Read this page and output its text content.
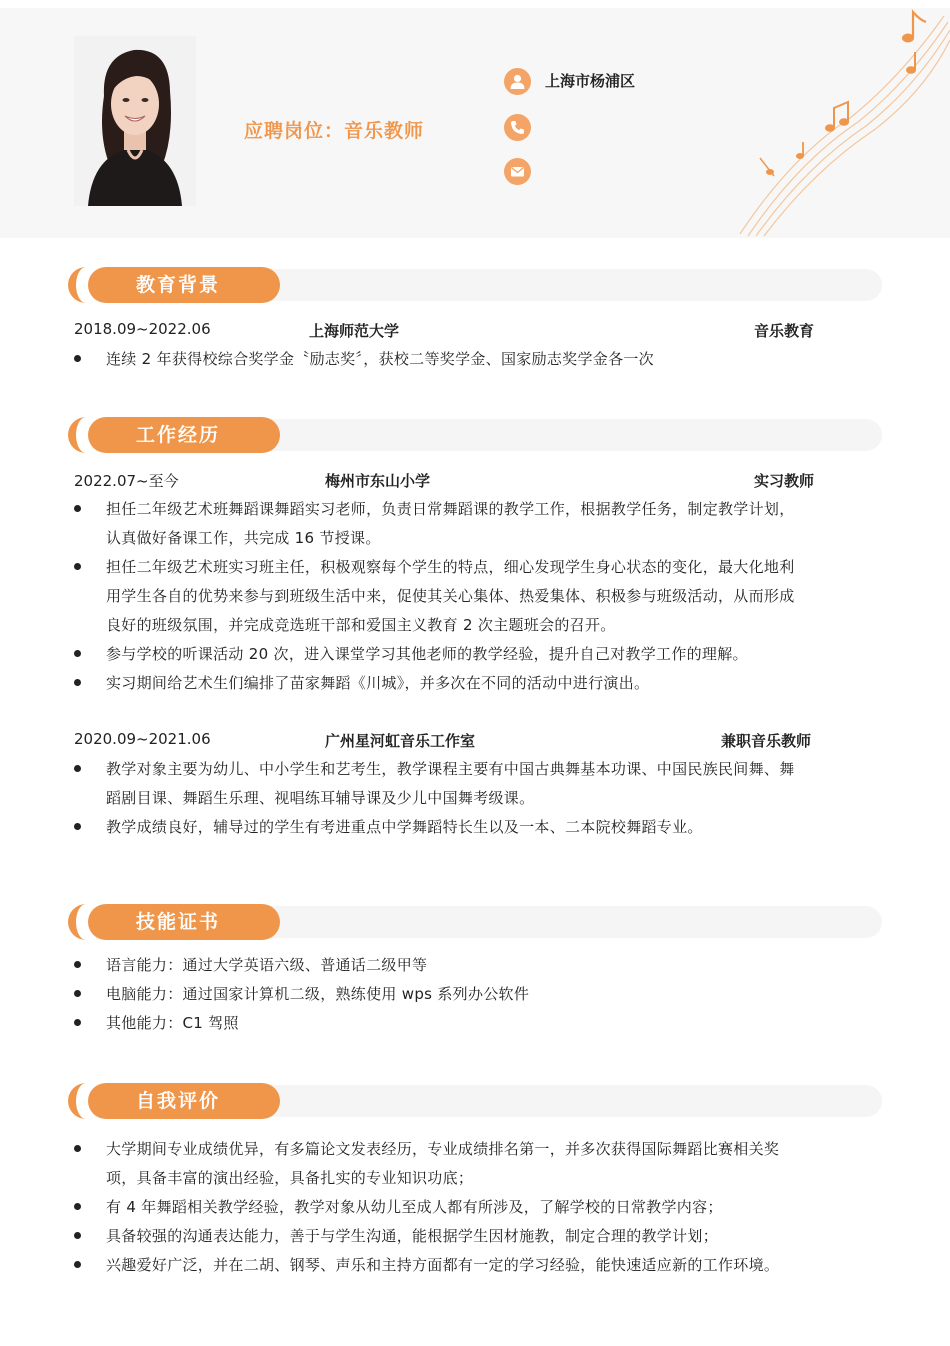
应聘岗位：音乐教师
上海市杨浦区
教育背景
2018.09~2022.06	上海师范大学	音乐教育
连续 2 年获得校综合奖学金〝励志奖〞，获校二等奖学金、国家励志奖学金各一次
工作经历
2022.07~至今	梅州市东山小学	实习教师
担任二年级艺术班舞蹈课舞蹈实习老师，负责日常舞蹈课的教学工作，根据教学任务，制定教学计划，
认真做好备课工作，共完成 16 节授课。
担任二年级艺术班实习班主任，积极观察每个学生的特点，细心发现学生身心状态的变化，最大化地利
用学生各自的优势来参与到班级生活中来，促使其关心集体、热爱集体、积极参与班级活动，从而形成
良好的班级氛围，并完成竞选班干部和爱国主义教育 2 次主题班会的召开。
参与学校的听课活动 20 次，进入课堂学习其他老师的教学经验，提升自己对教学工作的理解。
实习期间给艺术生们编排了苗家舞蹈《川城》，并多次在不同的活动中进行演出。
2020.09~2021.06	广州星河虹音乐工作室	兼职音乐教师
教学对象主要为幼儿、中小学生和艺考生，教学课程主要有中国古典舞基本功课、中国民族民间舞、舞
蹈剧目课、舞蹈生乐理、视唱练耳辅导课及少儿中国舞考级课。
教学成绩良好，辅导过的学生有考进重点中学舞蹈特长生以及一本、二本院校舞蹈专业。
技能证书
语言能力：通过大学英语六级、普通话二级甲等
电脑能力：通过国家计算机二级，熟练使用 wps 系列办公软件
其他能力：C1 驾照
自我评价
大学期间专业成绩优异，有多篇论文发表经历，专业成绩排名第一，并多次获得国际舞蹈比赛相关奖
项，具备丰富的演出经验，具备扎实的专业知识功底；
有 4 年舞蹈相关教学经验，教学对象从幼儿至成人都有所涉及，了解学校的日常教学内容；
具备较强的沟通表达能力，善于与学生沟通，能根据学生因材施教，制定合理的教学计划；
兴趣爱好广泛，并在二胡、钢琴、声乐和主持方面都有一定的学习经验，能快速适应新的工作环境。
